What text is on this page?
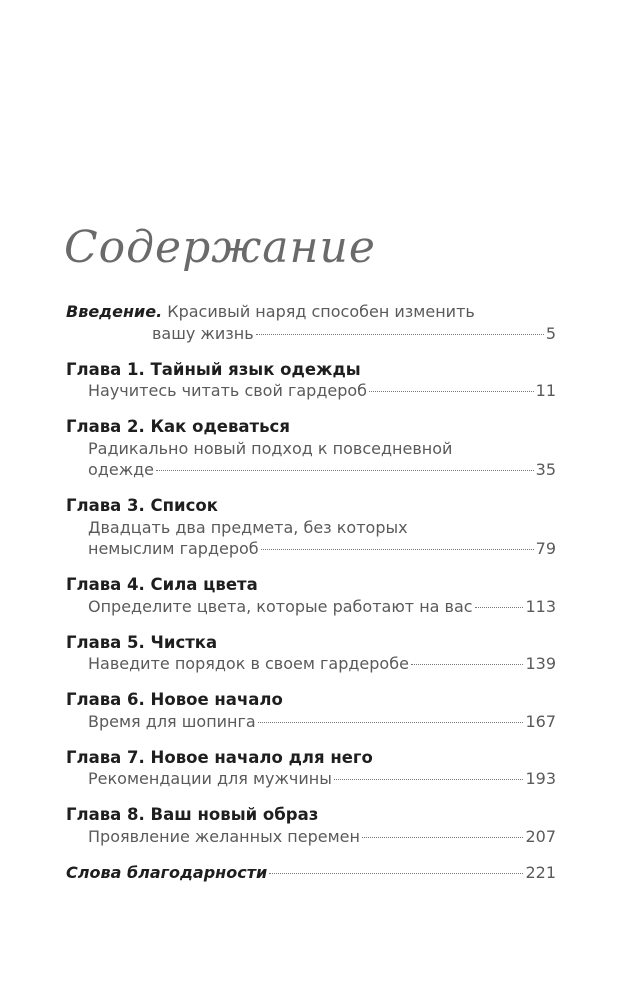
Содержание
Введение.
Красивый наряд способен изменить
вашу жизнь	5
Глава 1. Тайный язык одежды
Научитесь читать свой гардероб	11
Глава 2. Как одеваться
Радикально новый подход к повседневной
одежде	35
Глава 3. Список
Двадцать два предмета, без которых
немыслим гардероб	79
Глава 4. Сила цвета
Определите цвета, которые работают на вас	113
Глава 5. Чистка
Наведите порядок в своем гардеробе	139
Глава 6. Новое начало
Время для шопинга	167
Глава 7. Новое начало для него
Рекомендации для мужчины	193
Глава 8. Ваш новый образ
Проявление желанных перемен	207
Слова благодарности	221
